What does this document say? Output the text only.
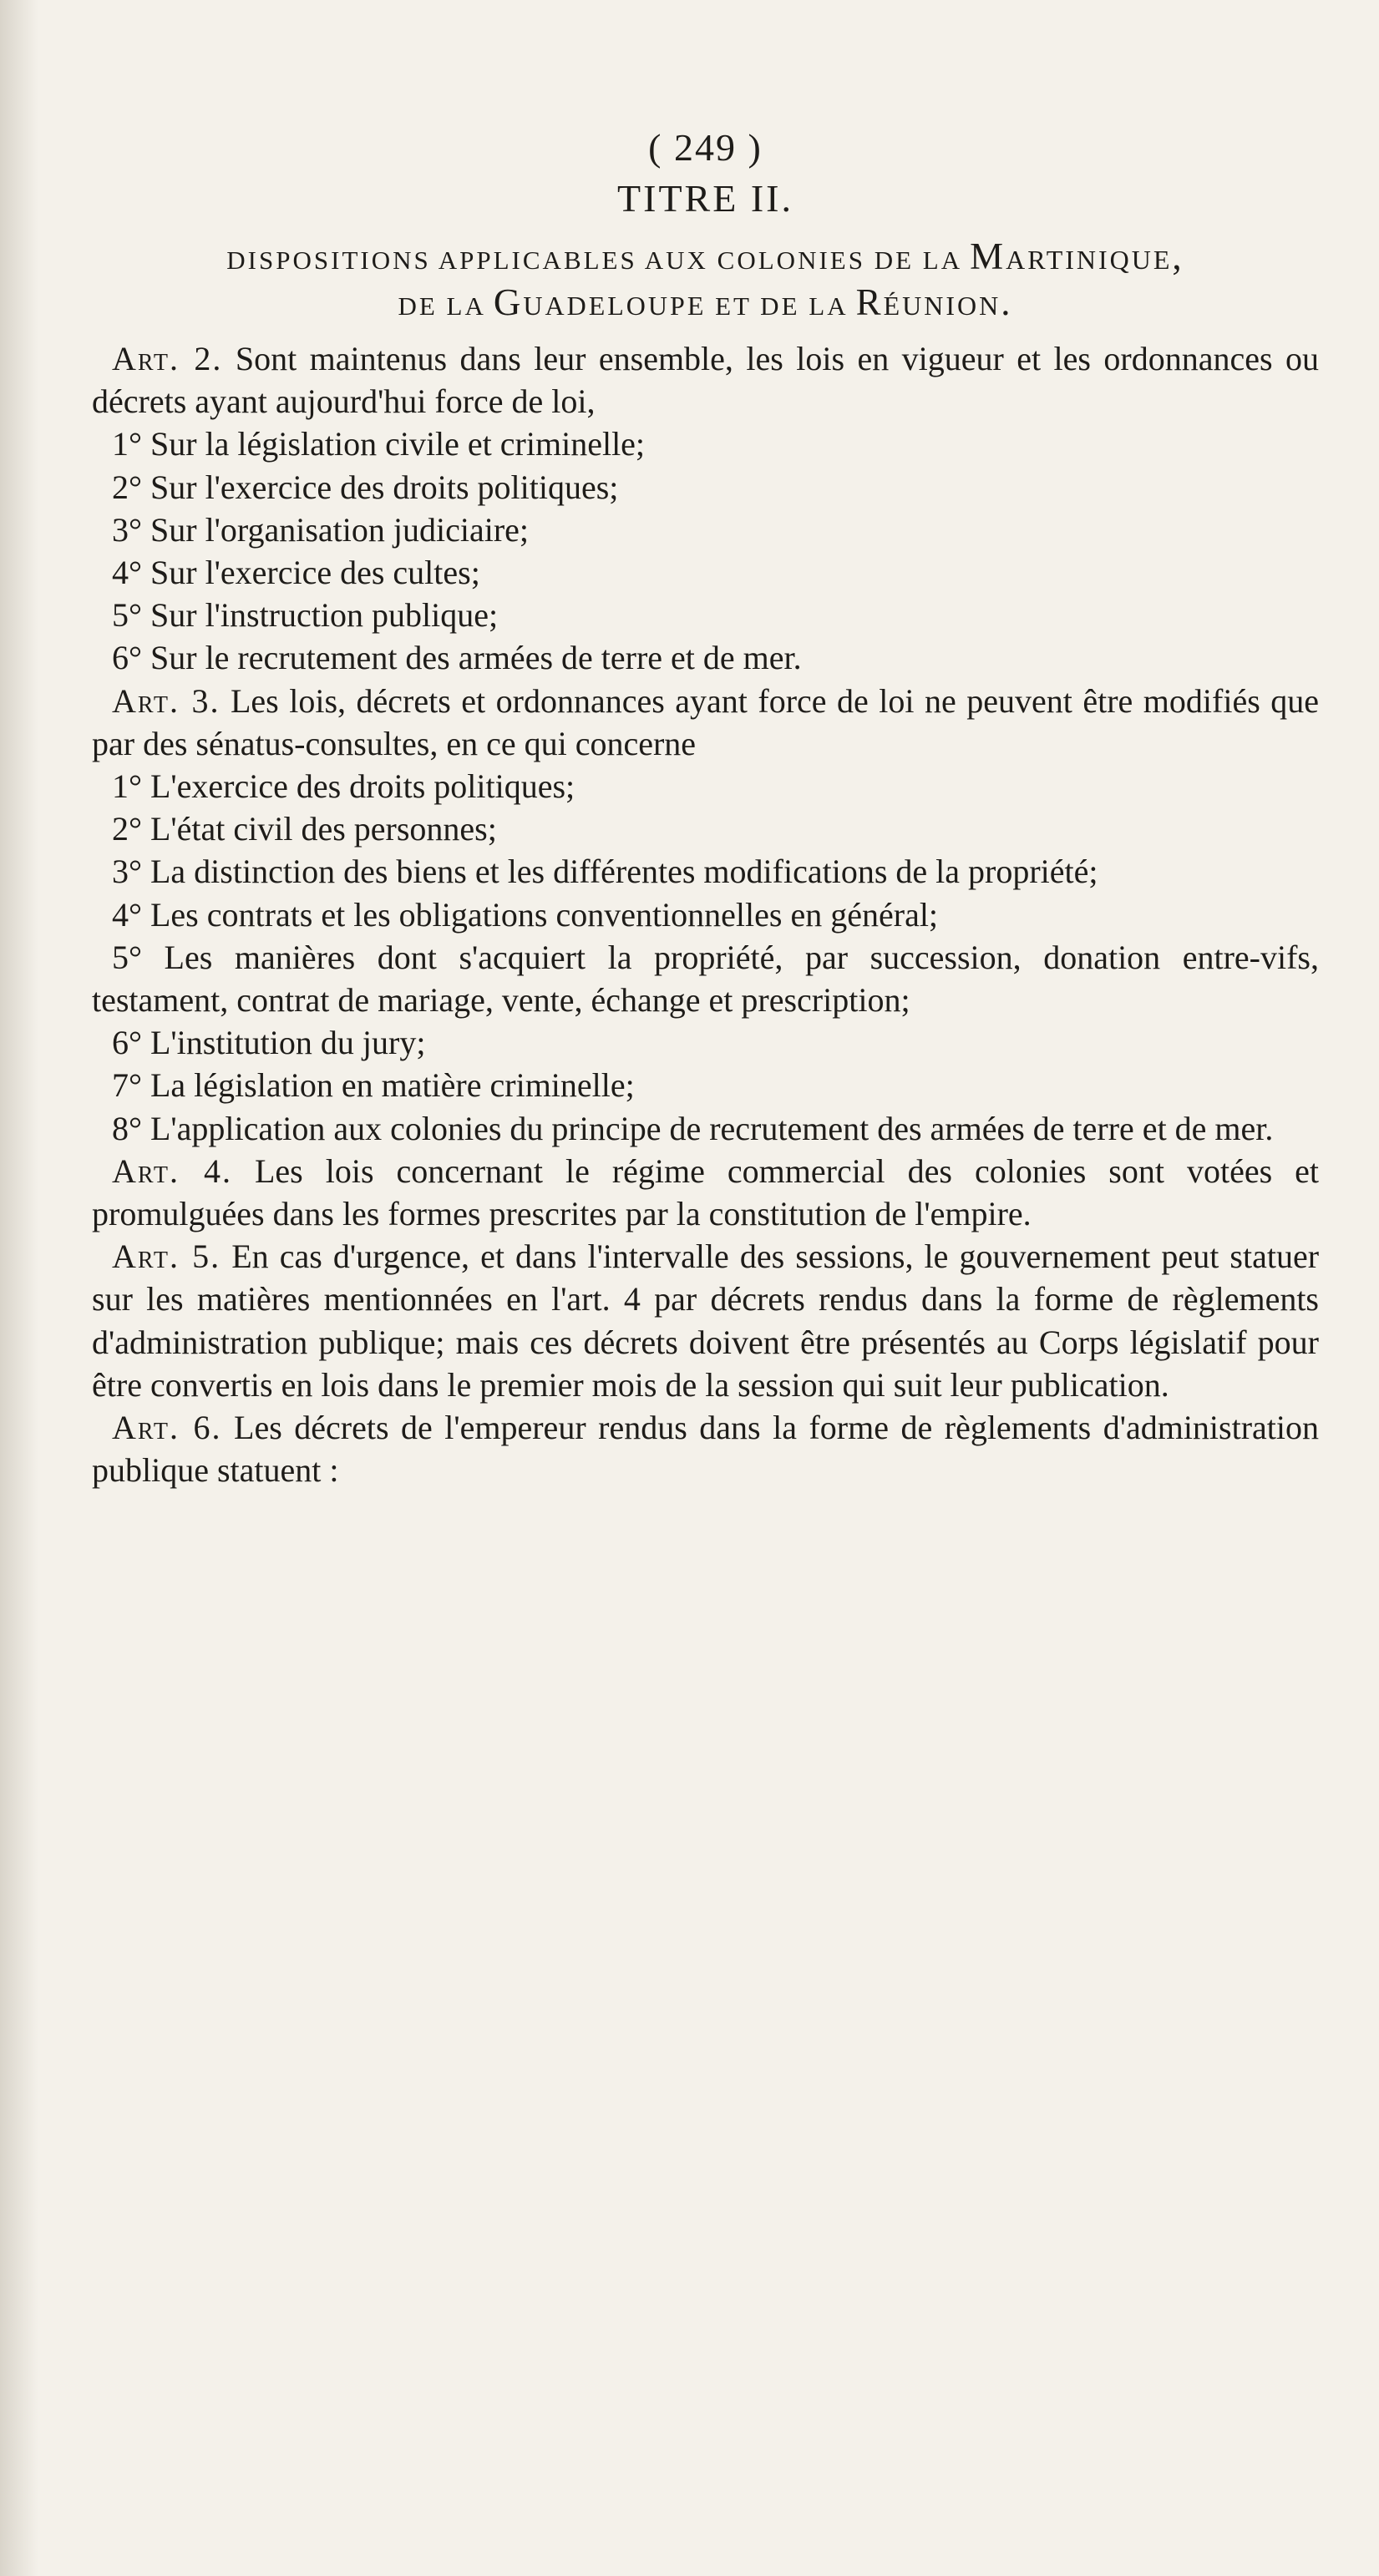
( 249 )
TITRE II.
DISPOSITIONS APPLICABLES AUX COLONIES DE LA Martinique,
DE LA Guadeloupe ET DE LA Réunion.

Art. 2. Sont maintenus dans leur ensemble, les lois en vigueur et les ordonnances ou décrets ayant aujourd'hui force de loi,

1° Sur la législation civile et criminelle;

2° Sur l'exercice des droits politiques;

3° Sur l'organisation judiciaire;

4° Sur l'exercice des cultes;

5° Sur l'instruction publique;

6° Sur le recrutement des armées de terre et de mer.

Art. 3. Les lois, décrets et ordonnances ayant force de loi ne peuvent être modifiés que par des sénatus-consultes, en ce qui concerne

1° L'exercice des droits politiques;

2° L'état civil des personnes;

3° La distinction des biens et les différentes modifications de la propriété;

4° Les contrats et les obligations conventionnelles en général;

5° Les manières dont s'acquiert la propriété, par succession, donation entre-vifs, testament, contrat de mariage, vente, échange et prescription;

6° L'institution du jury;

7° La législation en matière criminelle;

8° L'application aux colonies du principe de recrutement des armées de terre et de mer.

Art. 4. Les lois concernant le régime commercial des colonies sont votées et promulguées dans les formes prescrites par la constitution de l'empire.

Art. 5. En cas d'urgence, et dans l'intervalle des sessions, le gouvernement peut statuer sur les matières mentionnées en l'art. 4 par décrets rendus dans la forme de règlements d'administration publique; mais ces décrets doivent être présentés au Corps législatif pour être convertis en lois dans le premier mois de la session qui suit leur publication.

Art. 6. Les décrets de l'empereur rendus dans la forme de règlements d'administration publique statuent :
